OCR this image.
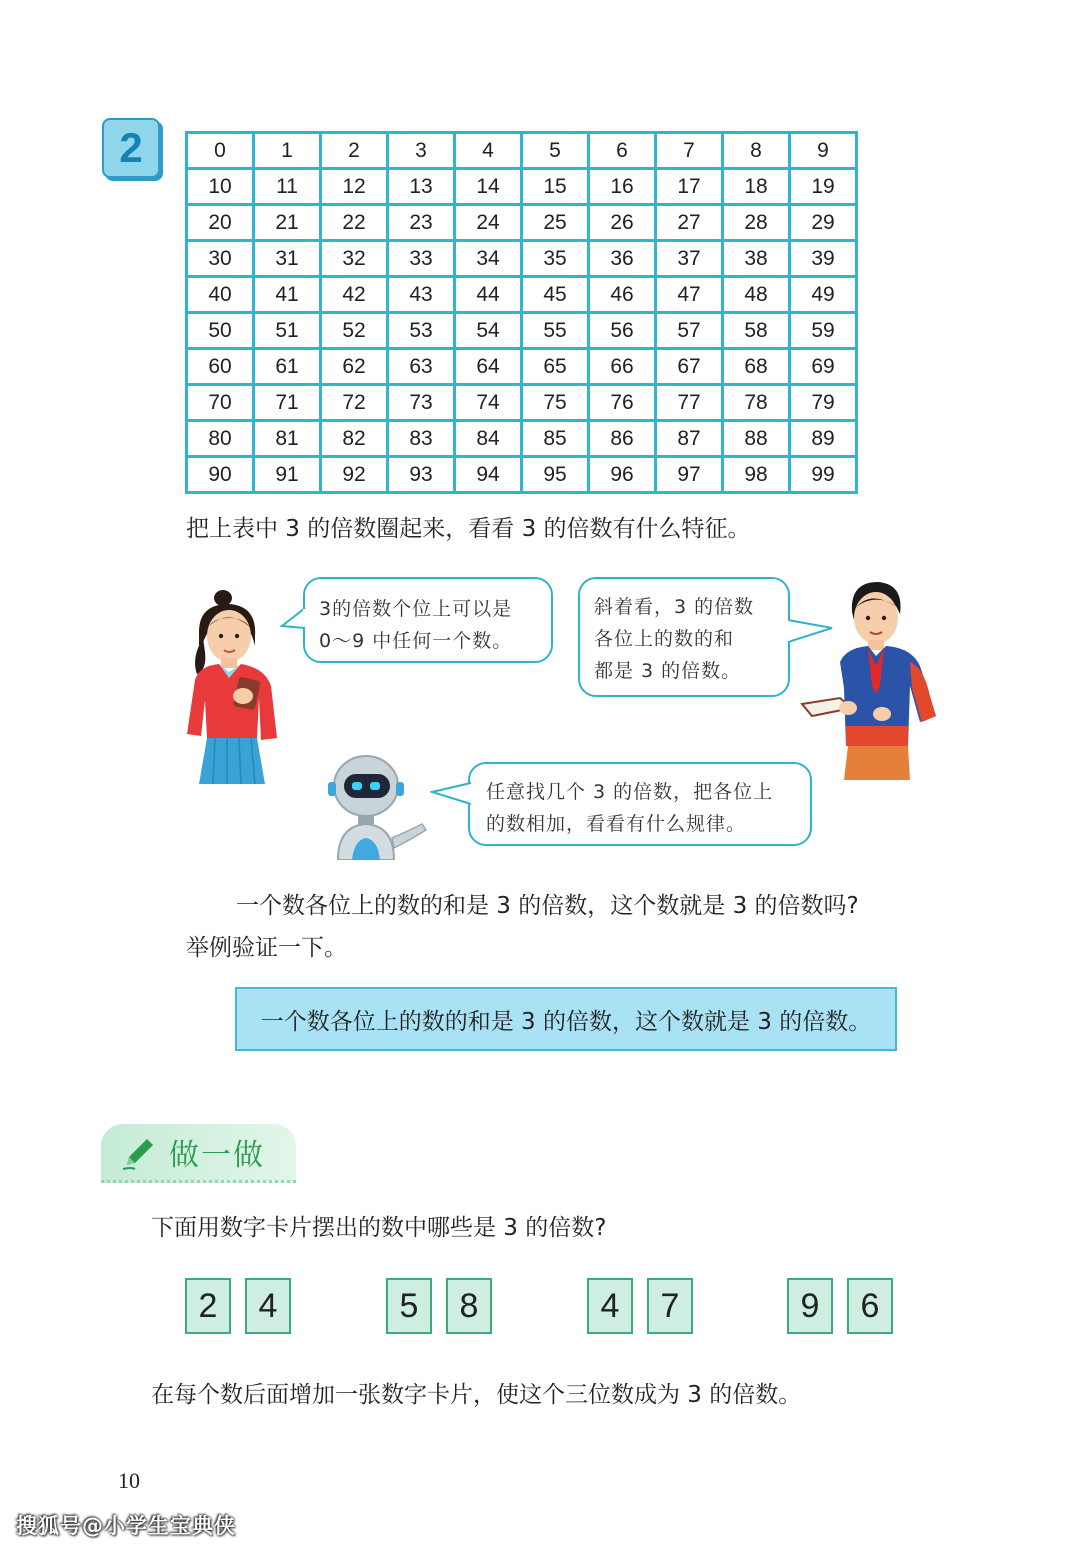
2	0	1	2	3	4	5	6	7	8	9
10	11	12	13	14	15	16	17	18	19
20	21	22	23	24	25	26	27	28	29
30	31	32	33	34	35	36	37	38	39
40	41	42	43	44	45	46	47	48	49
50	51	52	53	54	55	56	57	58	59
60	61	62	63	64	65	66	67	68	69
70	71	72	73	74	75	76	77	78	79
80	81	82	83	84	85	86	87	88	89
90	91	92	93	94	95	96	97	98	99
把上表中 3 的倍数圈起来，看看 3 的倍数有什么特征。

3的倍数个位上可以是

0～9 中任何一个数。

斜着看，3 的倍数

各位上的数的和

都是 3 的倍数。

任意找几个 3 的倍数，把各位上

的数相加，看看有什么规律。

一个数各位上的数的和是 3 的倍数，这个数就是 3 的倍数吗?
举例验证一下。
一个数各位上的数的和是 3 的倍数，这个数就是 3 的倍数。
做一做
下面用数字卡片摆出的数中哪些是 3 的倍数?
2	4	5	8	4	7	9	6
在每个数后面增加一张数字卡片，使这个三位数成为 3 的倍数。
10
搜狐号@小学生宝典侠
